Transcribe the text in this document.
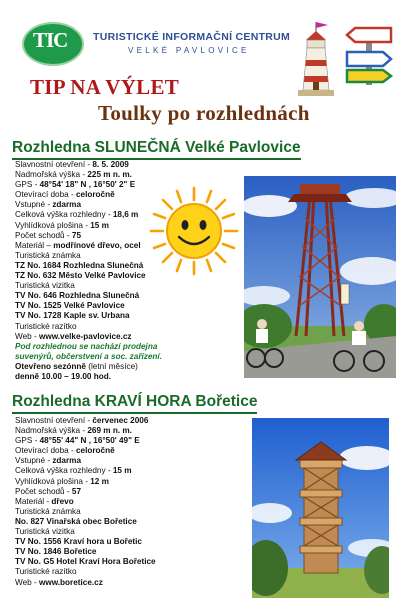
TIC TURISTICKÉ INFORMAČNÍ CENTRUM
VELKÉ PAVLOVICE
TIP NA VÝLET
Toulky po rozhlednách
Rozhledna SLUNEČNÁ Velké Pavlovice
Slavnostní otevření - 8. 5. 2009
Nadmořská výška - 225 m n. m.
GPS - 48°54' 18" N , 16°50' 2" E
Otevírací doba - celoročně
Vstupné - zdarma
Celková výška rozhledny - 18,6 m
Vyhlídková plošina - 15 m
Počet schodů - 75
Materiál – modřínové dřevo, ocel
Turistická známka
TZ No. 1684 Rozhledna Slunečná
TZ No. 632 Město Velké Pavlovice
Turistická vizitka
TV No. 646 Rozhledna Slunečná
TV No. 1525 Velké Pavlovice
TV No. 1728 Kaple sv. Urbana
Turistické razítko
Web - www.velke-pavlovice.cz
Pod rozhlednou se nachází prodejna
suvenýrů, občerstvení a soc. zařízení.
Otevřeno sezónně (letní měsíce)
denně 10.00 – 19.00 hod.
Rozhledna KRAVÍ HORA Bořetice
Slavnostní otevření - červenec 2006
Nadmořská výška - 269 m n. m.
GPS - 48°55' 44" N , 16°50' 49" E
Otevírací doba - celoročně
Vstupné - zdarma
Celková výška rozhledny - 15 m
Vyhlídková plošina - 12 m
Počet schodů - 57
Materiál - dřevo
Turistická známka
No. 827 Vinařská obec Bořetice
Turistická vizitka
TV No. 1556 Kraví hora u Bořetic
TV No. 1846 Bořetice
TV No. G5 Hotel Kraví Hora Bořetice
Turistické razítko
Web - www.boretice.cz
